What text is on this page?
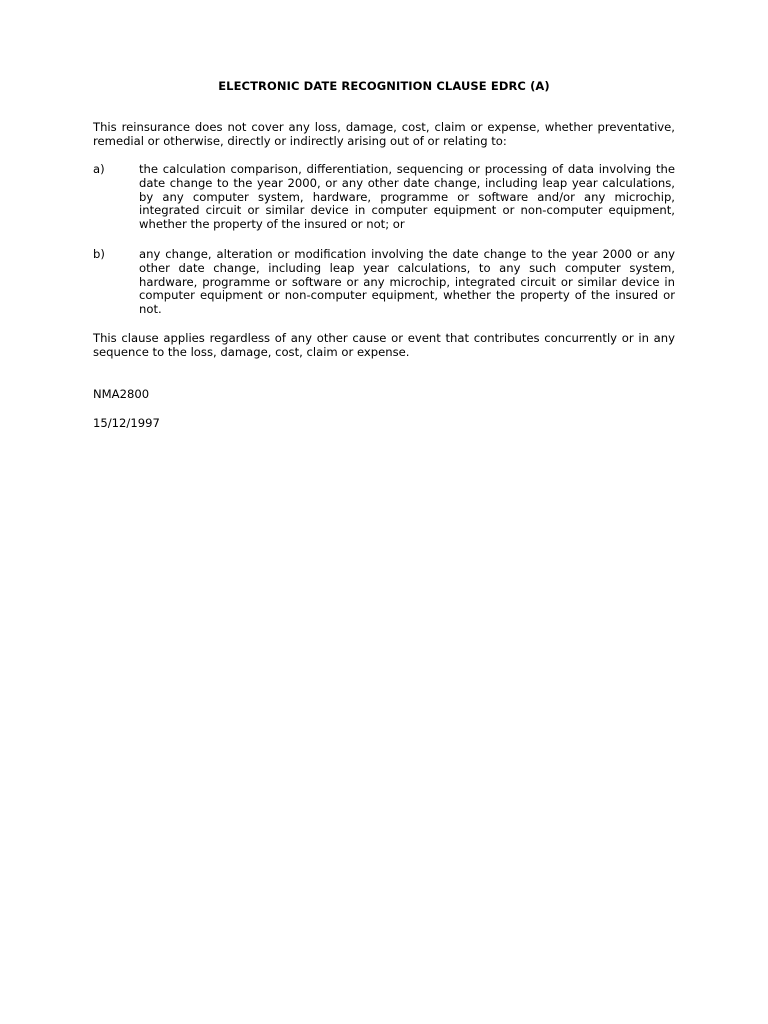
ELECTRONIC DATE RECOGNITION CLAUSE EDRC (A)
This reinsurance does not cover any loss, damage, cost, claim or expense, whether preventative, remedial or otherwise, directly or indirectly arising out of or relating to:
a)	the calculation comparison, differentiation, sequencing or processing of data involving the date change to the year 2000, or any other date change, including leap year calculations, by any computer system, hardware, programme or software and/or any microchip, integrated circuit or similar device in computer equipment or non-computer equipment, whether the property of the insured or not; or
b)	any change, alteration or modification involving the date change to the year 2000 or any other date change, including leap year calculations, to any such computer system, hardware, programme or software or any microchip, integrated circuit or similar device in computer equipment or non-computer equipment, whether the property of the insured or not.
This clause applies regardless of any other cause or event that contributes concurrently or in any sequence to the loss, damage, cost, claim or expense.
NMA2800
15/12/1997
